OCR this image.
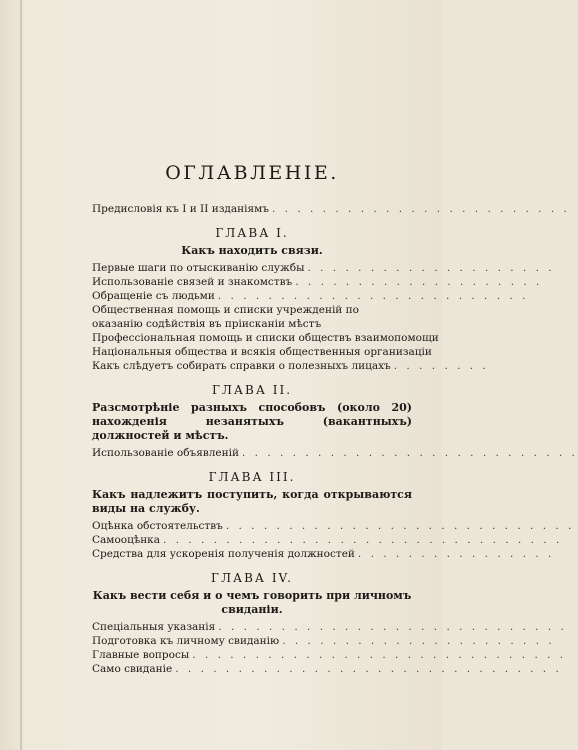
ОГЛАВЛЕНIЕ.
Предисловія къ I и II изданіямъ . . . . . . . . . . . . . . . . . . . . . . . .
ГЛАВА I.
Какъ находить связи.
Первые шаги по отыскиванію службы . . . . . . . . . . . . . . . . . . . .
Использованіе связей и знакомствъ . . . . . . . . . . . . . . . . . . . .
Обращеніе съ людьми . . . . . . . . . . . . . . . . . . . . . . . . .
Общественная помощь и списки учрежденій по оказанію содѣйствія въ прiисканiи мѣстъ
Профессіональная помощь и списки обществъ взаимопомощи
Національныя общества и всякія общественныя организаціи
Какъ слѣдуетъ собирать справки о полезныхъ лицахъ . . . . . . . .
ГЛАВА II.
Разсмотрѣніе разныхъ способовъ (около 20) нахожденія незанятыхъ (вакантныхъ) должностей и мѣстъ.
Использованіе объявленій . . . . . . . . . . . . . . . . . . . . . . . . . . .
ГЛАВА III.
Какъ надлежитъ поступить, когда открываются виды на службу.
Оцѣнка обстоятельствъ . . . . . . . . . . . . . . . . . . . . . . . . . . . .
Самооцѣнка . . . . . . . . . . . . . . . . . . . . . . . . . . . . . . . .
Средства для ускоренія полученія должностей . . . . . . . . . . . . . . . .
ГЛАВА IV.
Какъ вести себя и о чемъ говорить при личномъ свиданіи.
Спеціальныя указанія . . . . . . . . . . . . . . . . . . . . . . . . . . . .
Подготовка къ личному свиданію . . . . . . . . . . . . . . . . . . . . . .
Главные вопросы . . . . . . . . . . . . . . . . . . . . . . . . . . . . . .
Само свиданіе . . . . . . . . . . . . . . . . . . . . . . . . . . . . . . .
